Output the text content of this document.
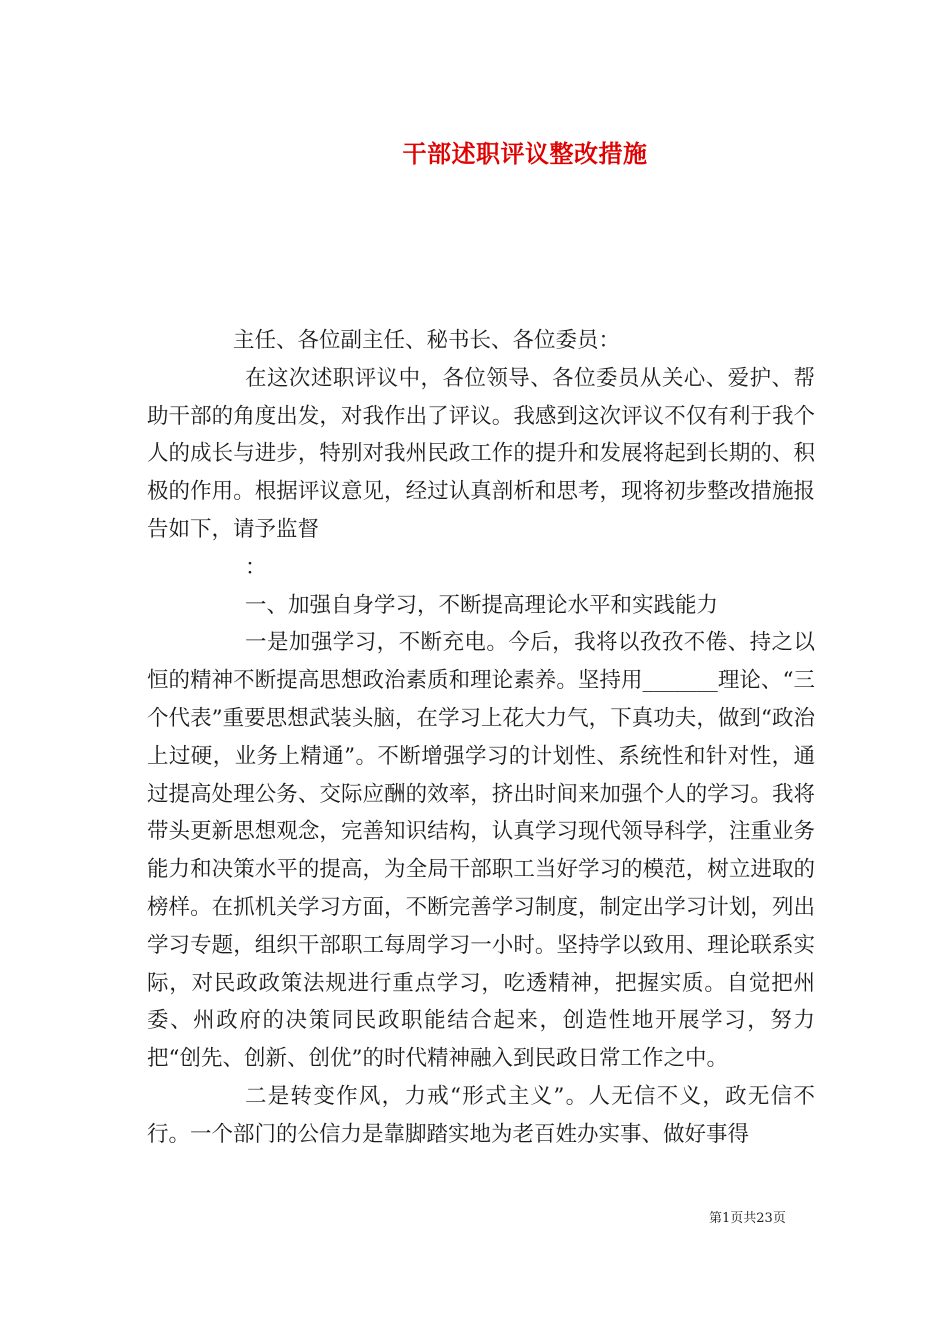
干部述职评议整改措施

主任、各位副主任、秘书长、各位委员：

在这次述职评议中，各位领导、各位委员从关心、爱护、帮助干部的角度出发，对我作出了评议。我感到这次评议不仅有利于我个人的成长与进步，特别对我州民政工作的提升和发展将起到长期的、积极的作用。根据评议意见，经过认真剖析和思考，现将初步整改措施报告如下，请予监督

：

一、加强自身学习，不断提高理论水平和实践能力

一是加强学习，不断充电。今后，我将以孜孜不倦、持之以恒的精神不断提高思想政治素质和理论素养。坚持用_______理论、“三个代表”重要思想武装头脑，在学习上花大力气，下真功夫，做到“政治上过硬，业务上精通”。不断增强学习的计划性、系统性和针对性，通过提高处理公务、交际应酬的效率，挤出时间来加强个人的学习。我将带头更新思想观念，完善知识结构，认真学习现代领导科学，注重业务能力和决策水平的提高，为全局干部职工当好学习的模范，树立进取的榜样。在抓机关学习方面，不断完善学习制度，制定出学习计划，列出学习专题，组织干部职工每周学习一小时。坚持学以致用、理论联系实际，对民政政策法规进行重点学习，吃透精神，把握实质。自觉把州委、州政府的决策同民政职能结合起来，创造性地开展学习，努力把“创先、创新、创优”的时代精神融入到民政日常工作之中。

二是转变作风，力戒“形式主义”。人无信不义，政无信不行。一个部门的公信力是靠脚踏实地为老百姓办实事、做好事得

第1页共23页
